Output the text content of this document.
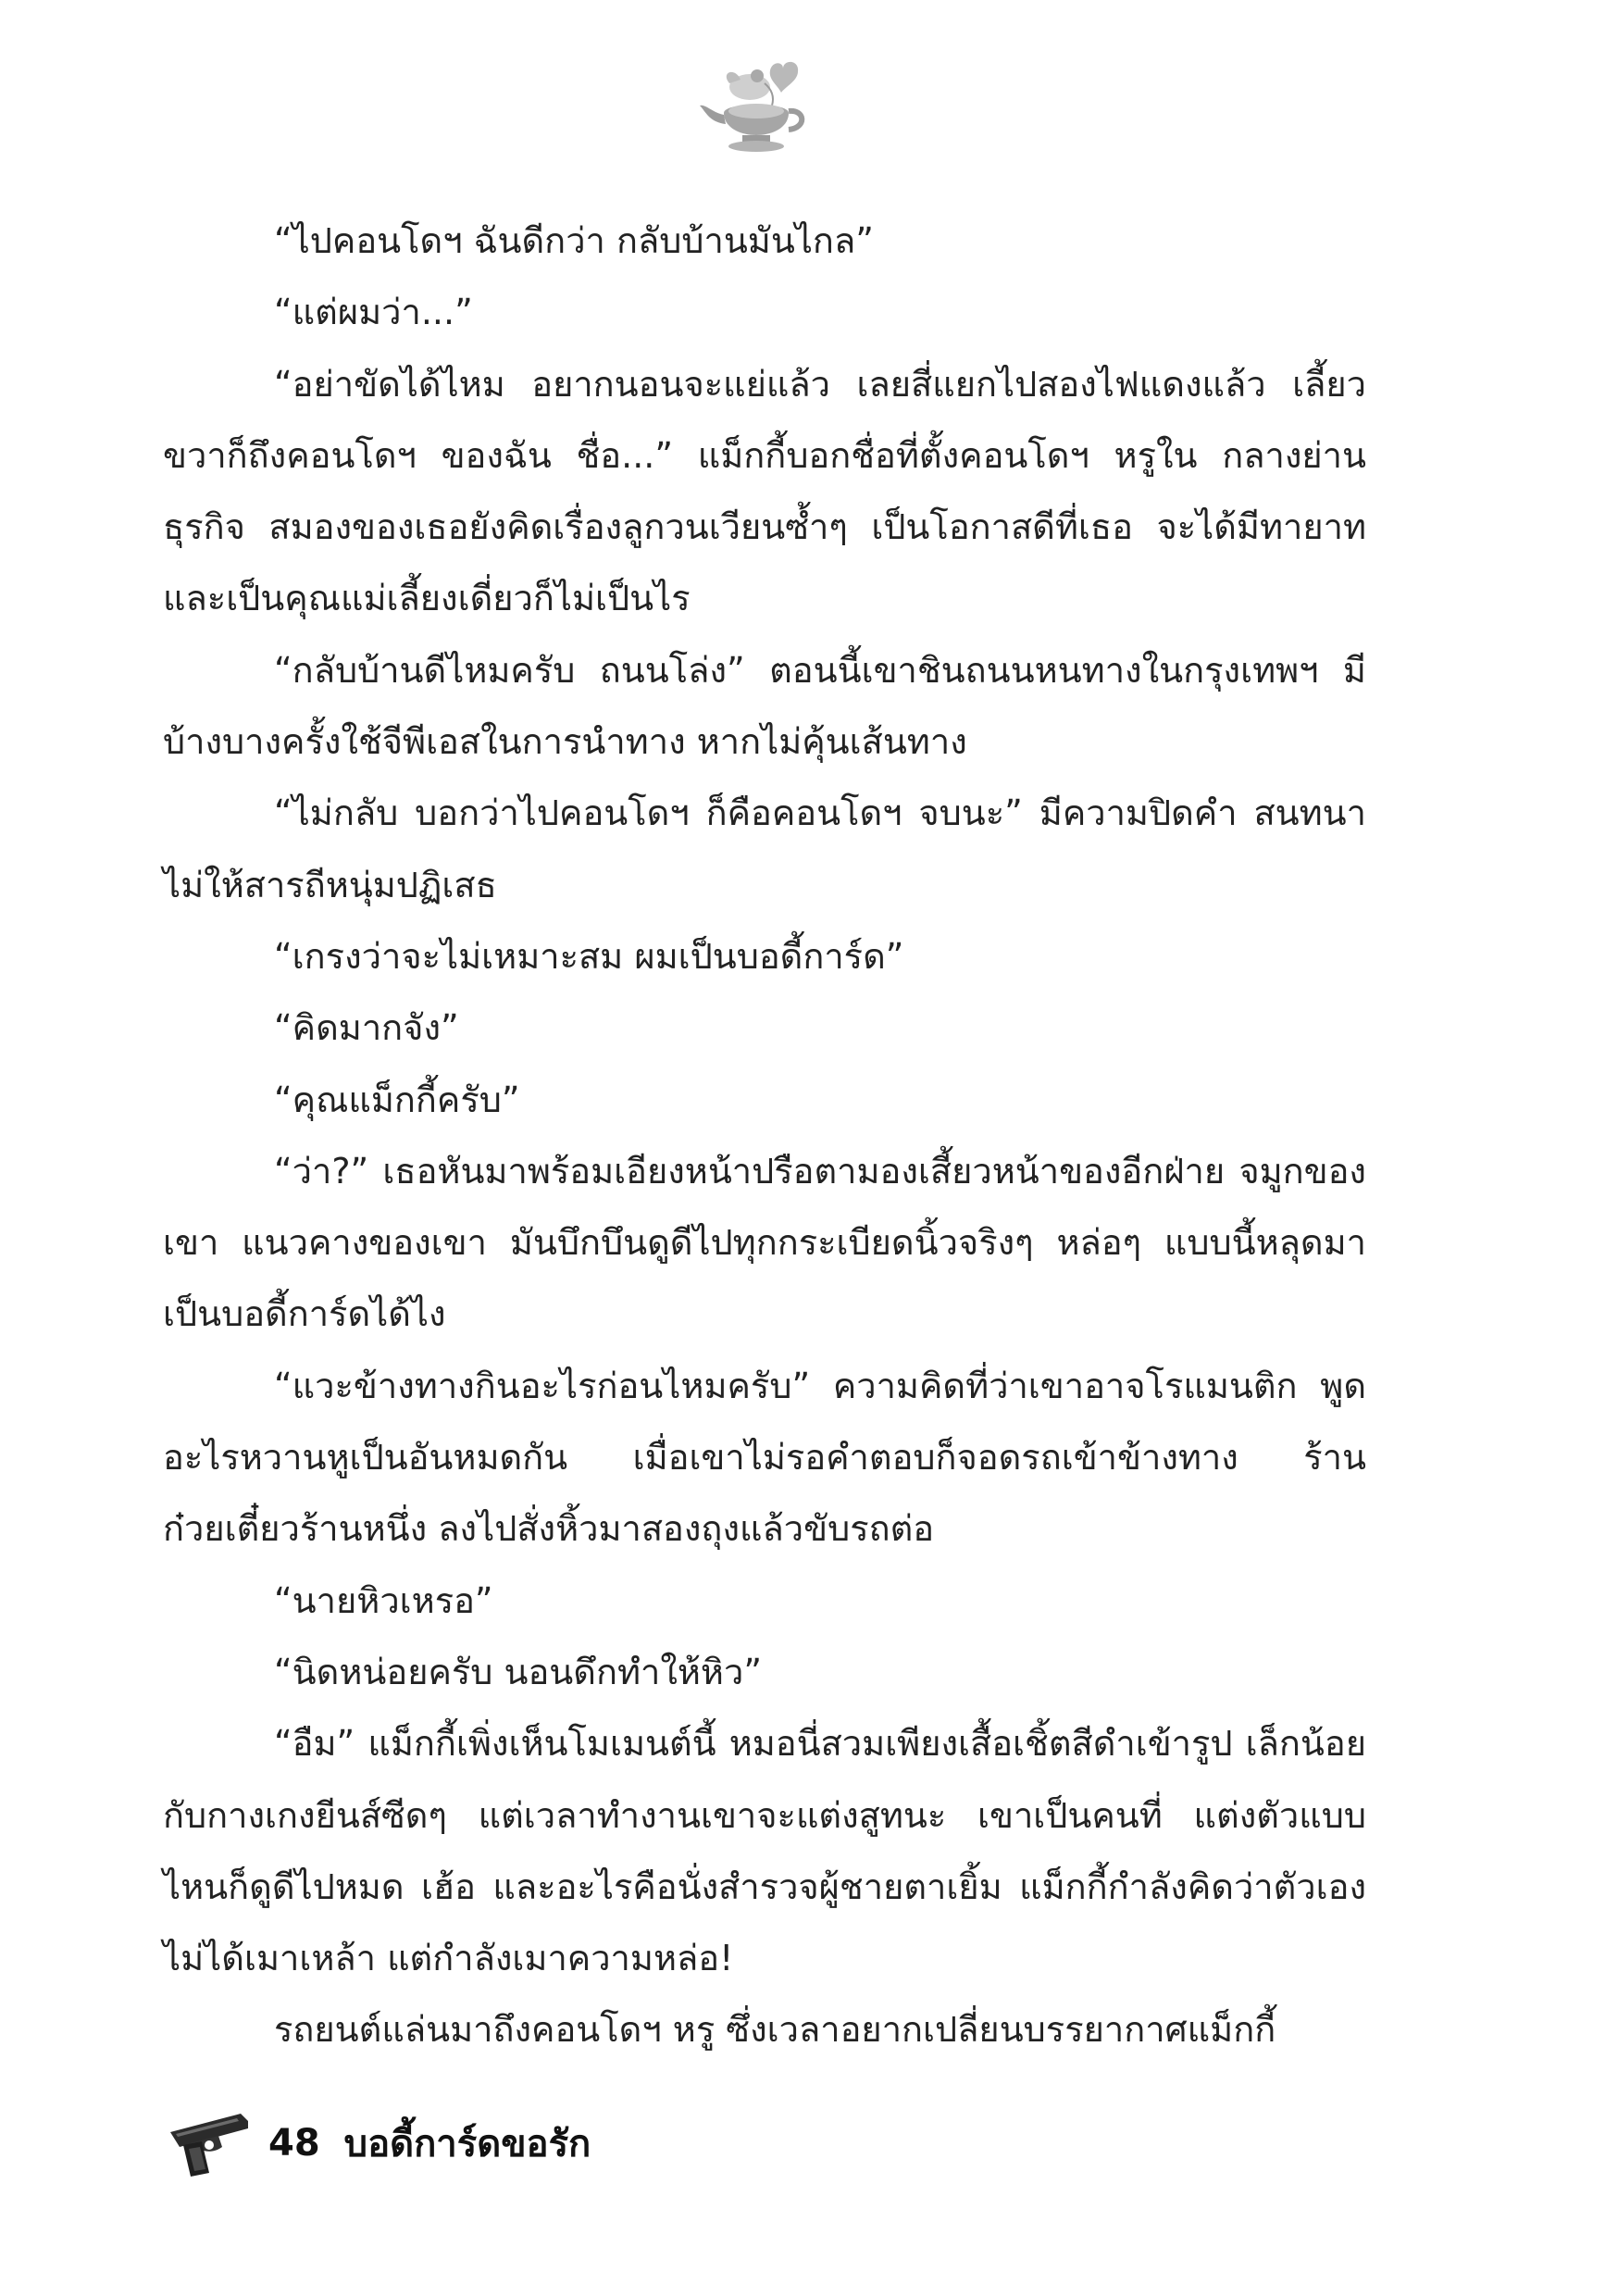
“ไปคอนโดฯ ฉันดีกว่า กลับบ้านมันไกล”

“แต่ผมว่า...”

“อย่าขัดได้ไหม อยากนอนจะแย่แล้ว เลยสี่แยกไปสองไฟแดงแล้ว เลี้ยวขวาก็ถึงคอนโดฯ ของฉัน ชื่อ...” แม็กกี้บอกชื่อที่ตั้งคอนโดฯ หรูใน กลางย่านธุรกิจ สมองของเธอยังคิดเรื่องลูกวนเวียนซ้ำๆ เป็นโอกาสดีที่เธอ จะได้มีทายาทและเป็นคุณแม่เลี้ยงเดี่ยวก็ไม่เป็นไร

“กลับบ้านดีไหมครับ ถนนโล่ง” ตอนนี้เขาชินถนนหนทางในกรุงเทพฯ มีบ้างบางครั้งใช้จีพีเอสในการนำทาง หากไม่คุ้นเส้นทาง

“ไม่กลับ บอกว่าไปคอนโดฯ ก็คือคอนโดฯ จบนะ” มีความปิดคำ สนทนาไม่ให้สารถีหนุ่มปฏิเสธ

“เกรงว่าจะไม่เหมาะสม ผมเป็นบอดี้การ์ด”

“คิดมากจัง”

“คุณแม็กกี้ครับ”

“ว่า?” เธอหันมาพร้อมเอียงหน้าปรือตามองเสี้ยวหน้าของอีกฝ่าย จมูกของเขา แนวคางของเขา มันบึกบึนดูดีไปทุกกระเบียดนิ้วจริงๆ หล่อๆ แบบนี้หลุดมาเป็นบอดี้การ์ดได้ไง

“แวะข้างทางกินอะไรก่อนไหมครับ” ความคิดที่ว่าเขาอาจโรแมนติก พูดอะไรหวานหูเป็นอันหมดกัน เมื่อเขาไม่รอคำตอบก็จอดรถเข้าข้างทาง ร้านก๋วยเตี๋ยวร้านหนึ่ง ลงไปสั่งหิ้วมาสองถุงแล้วขับรถต่อ

“นายหิวเหรอ”

“นิดหน่อยครับ นอนดึกทำให้หิว”

“อืม” แม็กกี้เพิ่งเห็นโมเมนต์นี้ หมอนี่สวมเพียงเสื้อเชิ้ตสีดำเข้ารูป เล็กน้อย กับกางเกงยีนส์ซีดๆ แต่เวลาทำงานเขาจะแต่งสูทนะ เขาเป็นคนที่ แต่งตัวแบบไหนก็ดูดีไปหมด เฮ้อ และอะไรคือนั่งสำรวจผู้ชายตาเยิ้ม แม็กกี้กำลังคิดว่าตัวเองไม่ได้เมาเหล้า แต่กำลังเมาความหล่อ!

รถยนต์แล่นมาถึงคอนโดฯ หรู ซึ่งเวลาอยากเปลี่ยนบรรยากาศแม็กกี้

48 บอดี้การ์ดขอรัก
